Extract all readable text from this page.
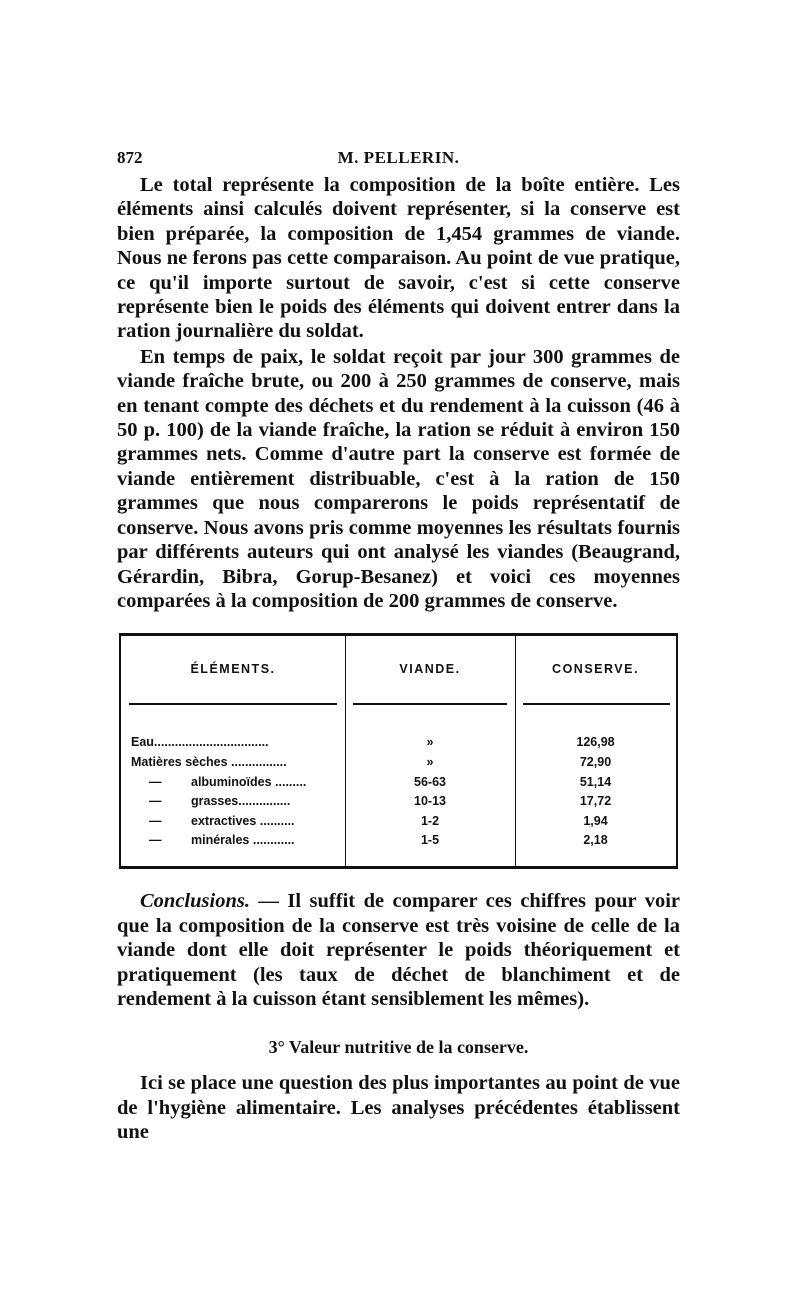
872	M. PELLERIN.

Le total représente la composition de la boîte entière. Les éléments ainsi calculés doivent représenter, si la conserve est bien préparée, la composition de 1,454 grammes de viande. Nous ne ferons pas cette comparaison. Au point de vue pratique, ce qu'il importe surtout de savoir, c'est si cette conserve représente bien le poids des éléments qui doivent entrer dans la ration journalière du soldat.

En temps de paix, le soldat reçoit par jour 300 grammes de viande fraîche brute, ou 200 à 250 grammes de conserve, mais en tenant compte des déchets et du rendement à la cuisson (46 à 50 p. 100) de la viande fraîche, la ration se réduit à environ 150 grammes nets. Comme d'autre part la conserve est formée de viande entièrement distribuable, c'est à la ration de 150 grammes que nous comparerons le poids représentatif de conserve. Nous avons pris comme moyennes les résultats fournis par différents auteurs qui ont analysé les viandes (Beaugrand, Gérardin, Bibra, Gorup-Besanez) et voici ces moyennes comparées à la composition de 200 grammes de conserve.

ÉLÉMENTS.	VIANDE.	CONSERVE.
Eau.................................	»	126,98
Matières sèches ................	»	72,90
— albuminoïdes .........	56-63	51,14
— grasses...............	10-13	17,72
— extractives ..........	1-2	1,94
— minérales ............	1-5	2,18

Conclusions. — Il suffit de comparer ces chiffres pour voir que la composition de la conserve est très voisine de celle de la viande dont elle doit représenter le poids théoriquement et pratiquement (les taux de déchet de blanchiment et de rendement à la cuisson étant sensiblement les mêmes).

3° Valeur nutritive de la conserve.

Ici se place une question des plus importantes au point de vue de l'hygiène alimentaire. Les analyses précédentes établissent une
